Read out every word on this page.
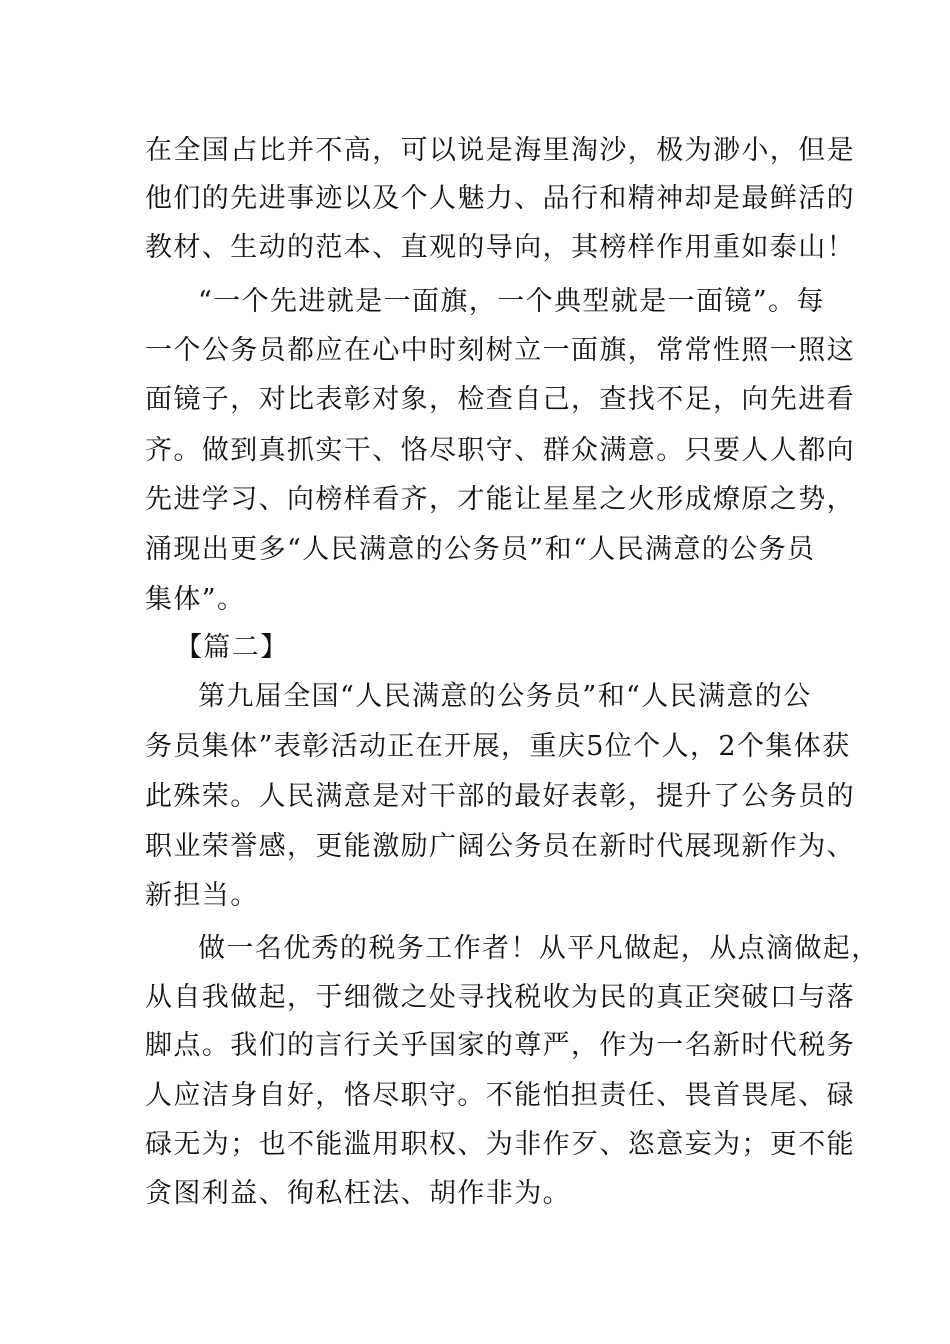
在全国占比并不高，可以说是海里淘沙，极为渺小，但是
他们的先进事迹以及个人魅力、品行和精神却是最鲜活的
教材、生动的范本、直观的导向，其榜样作用重如泰山！
“一个先进就是一面旗，一个典型就是一面镜”。每
一个公务员都应在心中时刻树立一面旗，常常性照一照这
面镜子，对比表彰对象，检查自己，查找不足，向先进看
齐。做到真抓实干、恪尽职守、群众满意。只要人人都向
先进学习、向榜样看齐，才能让星星之火形成燎原之势，
涌现出更多“人民满意的公务员”和“人民满意的公务员
集体”。
【篇二】
第九届全国“人民满意的公务员”和“人民满意的公
务员集体”表彰活动正在开展，重庆5位个人，2个集体获
此殊荣。人民满意是对干部的最好表彰，提升了公务员的
职业荣誉感，更能激励广阔公务员在新时代展现新作为、
新担当。
做一名优秀的税务工作者！从平凡做起，从点滴做起，
从自我做起，于细微之处寻找税收为民的真正突破口与落
脚点。我们的言行关乎国家的尊严，作为一名新时代税务
人应洁身自好，恪尽职守。不能怕担责任、畏首畏尾、碌
碌无为；也不能滥用职权、为非作歹、恣意妄为；更不能
贪图利益、徇私枉法、胡作非为。
